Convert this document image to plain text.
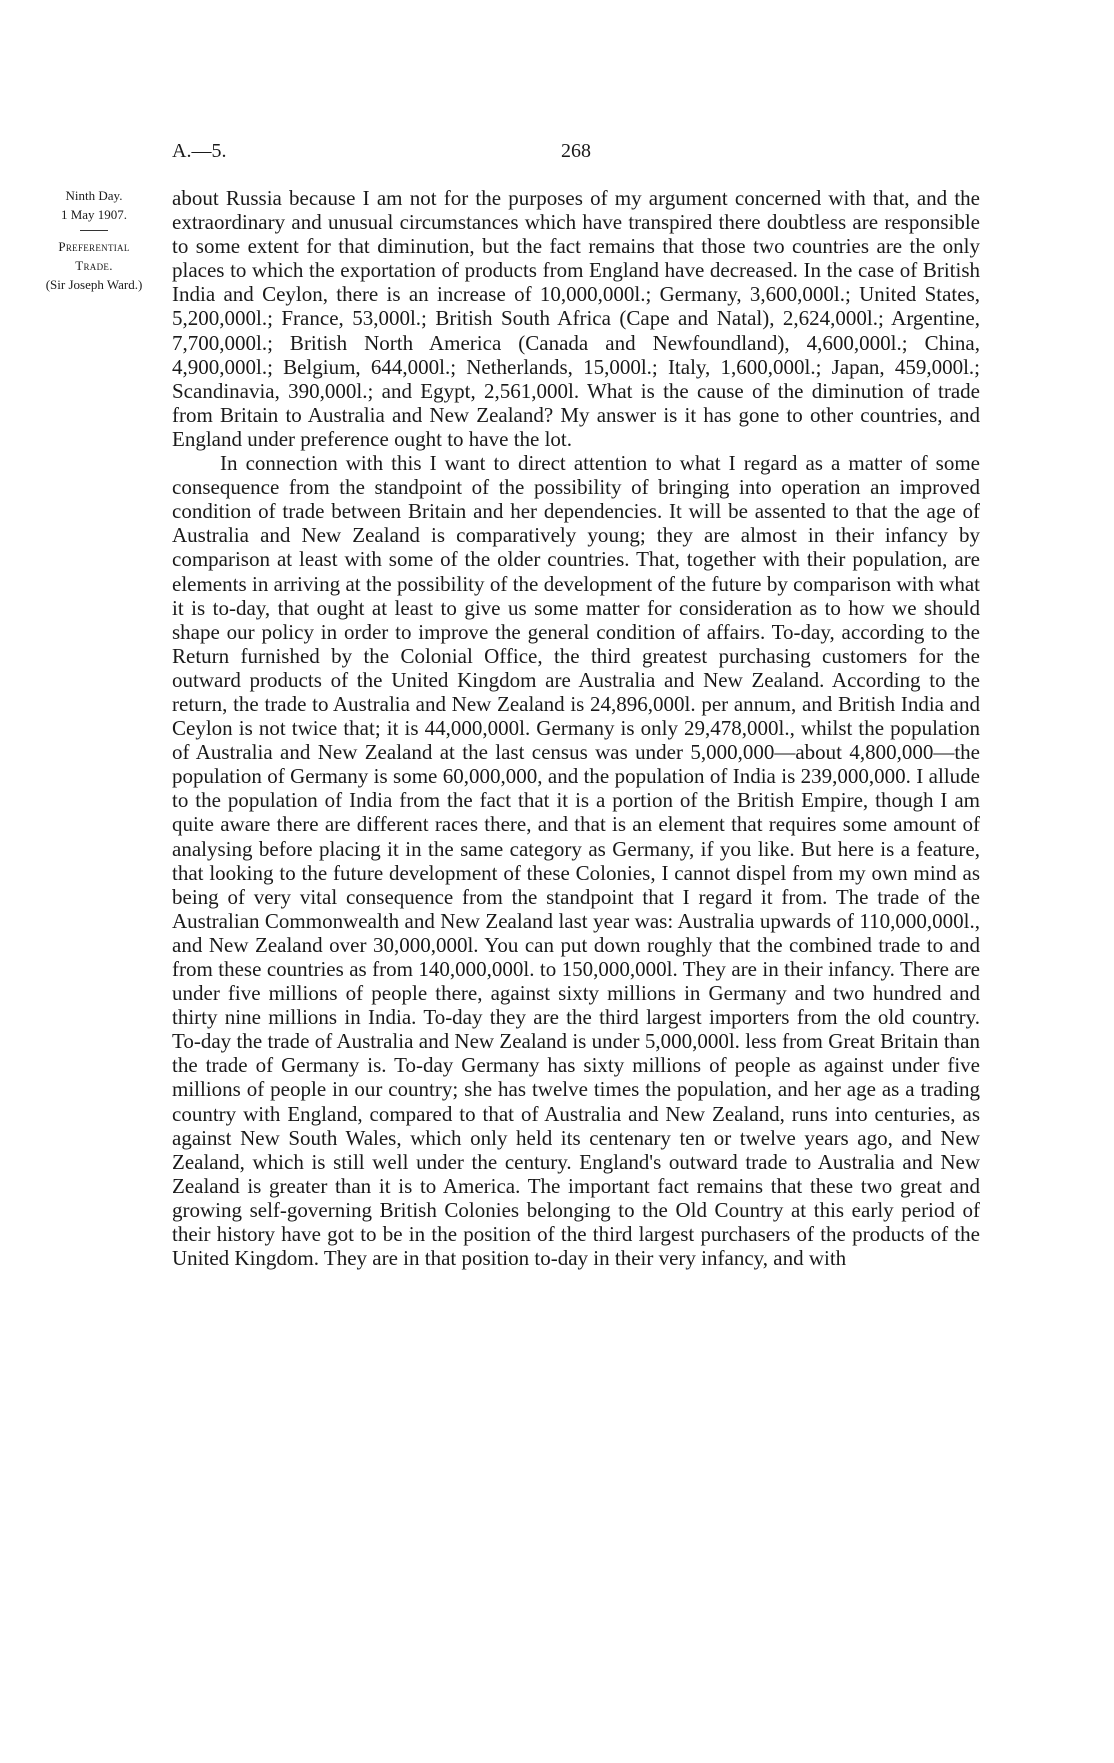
A.—5.	268
Ninth Day.
1 May 1907.
Preferential Trade.
(Sir Joseph Ward.)

about Russia because I am not for the purposes of my argument concerned with that, and the extraordinary and unusual circumstances which have transpired there doubtless are responsible to some extent for that diminution, but the fact remains that those two countries are the only places to which the exportation of products from England have decreased. In the case of British India and Ceylon, there is an increase of 10,000,000l.; Germany, 3,600,000l.; United States, 5,200,000l.; France, 53,000l.; British South Africa (Cape and Natal), 2,624,000l.; Argentine, 7,700,000l.; British North America (Canada and Newfoundland), 4,600,000l.; China, 4,900,000l.; Belgium, 644,000l.; Netherlands, 15,000l.; Italy, 1,600,000l.; Japan, 459,000l.; Scandinavia, 390,000l.; and Egypt, 2,561,000l. What is the cause of the diminution of trade from Britain to Australia and New Zealand? My answer is it has gone to other countries, and England under preference ought to have the lot.

In connection with this I want to direct attention to what I regard as a matter of some consequence from the standpoint of the possibility of bringing into operation an improved condition of trade between Britain and her dependencies. It will be assented to that the age of Australia and New Zealand is comparatively young; they are almost in their infancy by comparison at least with some of the older countries. That, together with their population, are elements in arriving at the possibility of the development of the future by comparison with what it is to-day, that ought at least to give us some matter for consideration as to how we should shape our policy in order to improve the general condition of affairs. To-day, according to the Return furnished by the Colonial Office, the third greatest purchasing customers for the outward products of the United Kingdom are Australia and New Zealand. According to the return, the trade to Australia and New Zealand is 24,896,000l. per annum, and British India and Ceylon is not twice that; it is 44,000,000l. Germany is only 29,478,000l., whilst the population of Australia and New Zealand at the last census was under 5,000,000—about 4,800,000—the population of Germany is some 60,000,000, and the population of India is 239,000,000. I allude to the population of India from the fact that it is a portion of the British Empire, though I am quite aware there are different races there, and that is an element that requires some amount of analysing before placing it in the same category as Germany, if you like. But here is a feature, that looking to the future development of these Colonies, I cannot dispel from my own mind as being of very vital consequence from the standpoint that I regard it from. The trade of the Australian Commonwealth and New Zealand last year was: Australia upwards of 110,000,000l., and New Zealand over 30,000,000l. You can put down roughly that the combined trade to and from these countries as from 140,000,000l. to 150,000,000l. They are in their infancy. There are under five millions of people there, against sixty millions in Germany and two hundred and thirty nine millions in India. To-day they are the third largest importers from the old country. To-day the trade of Australia and New Zealand is under 5,000,000l. less from Great Britain than the trade of Germany is. To-day Germany has sixty millions of people as against under five millions of people in our country; she has twelve times the population, and her age as a trading country with England, compared to that of Australia and New Zealand, runs into centuries, as against New South Wales, which only held its centenary ten or twelve years ago, and New Zealand, which is still well under the century. England's outward trade to Australia and New Zealand is greater than it is to America. The important fact remains that these two great and growing self-governing British Colonies belonging to the Old Country at this early period of their history have got to be in the position of the third largest purchasers of the products of the United Kingdom. They are in that position to-day in their very infancy, and with
